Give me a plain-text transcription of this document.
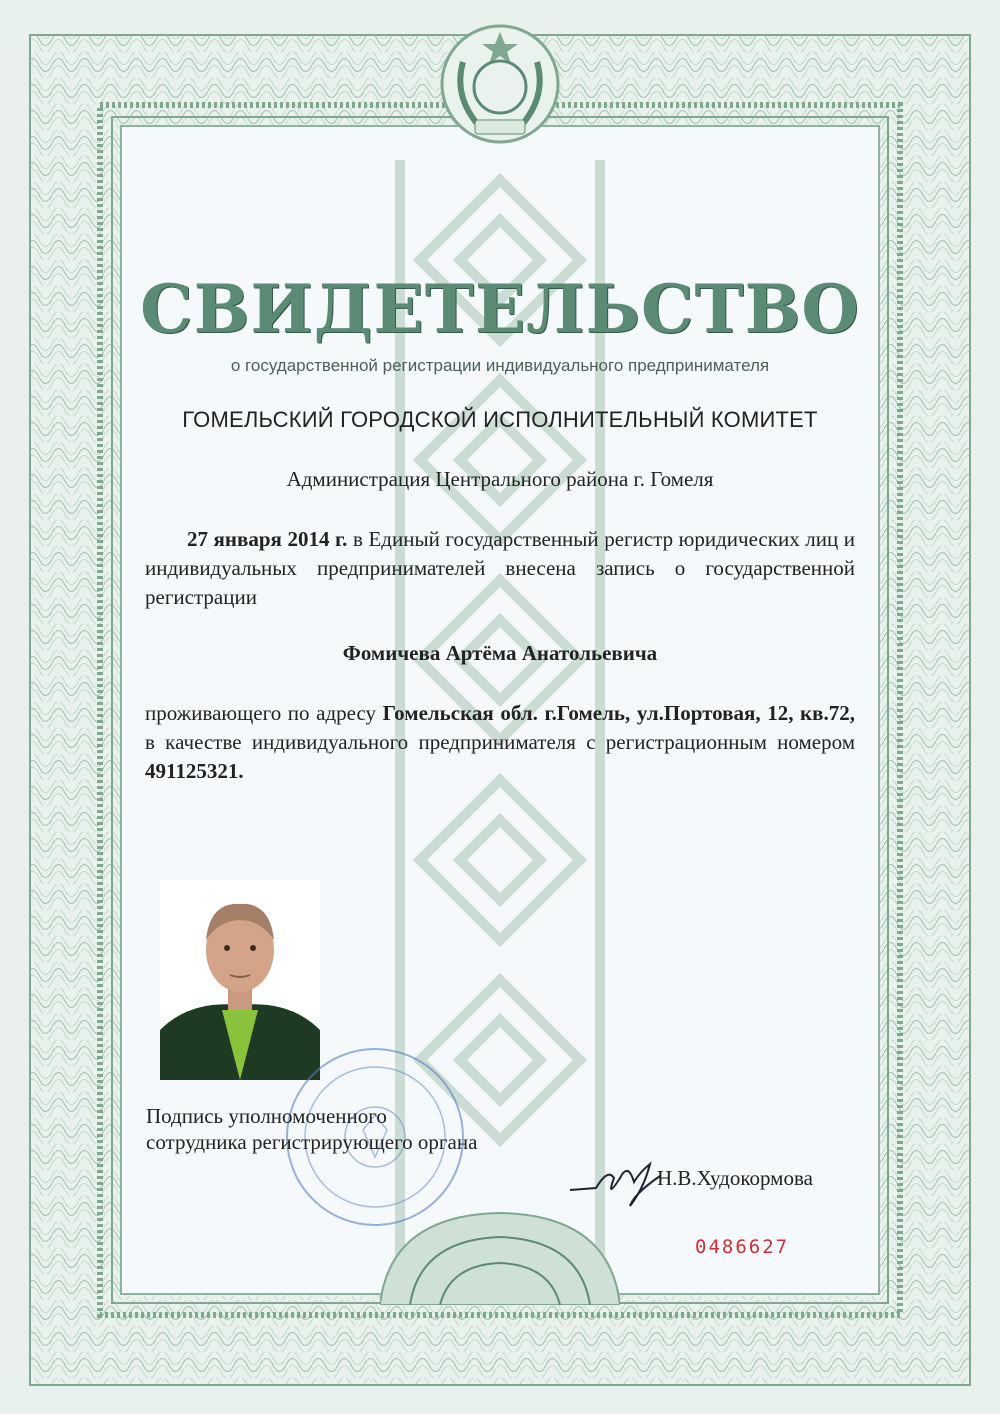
СВИДЕТЕЛЬСТВО
о государственной регистрации индивидуального предпринимателя
ГОМЕЛЬСКИЙ ГОРОДСКОЙ ИСПОЛНИТЕЛЬНЫЙ КОМИТЕТ
Администрация Центрального района г. Гомеля
27 января 2014 г. в Единый государственный регистр юридических лиц и индивидуальных предпринимателей внесена запись о государственной регистрации
Фомичева Артёма Анатольевича
проживающего по адресу Гомельская обл. г.Гомель, ул.Портовая, 12, кв.72, в качестве индивидуального предпринимателя с регистрационным номером 491125321.
Подпись уполномоченного сотрудника регистрирующего органа
Н.В.Худокормова
0486627
